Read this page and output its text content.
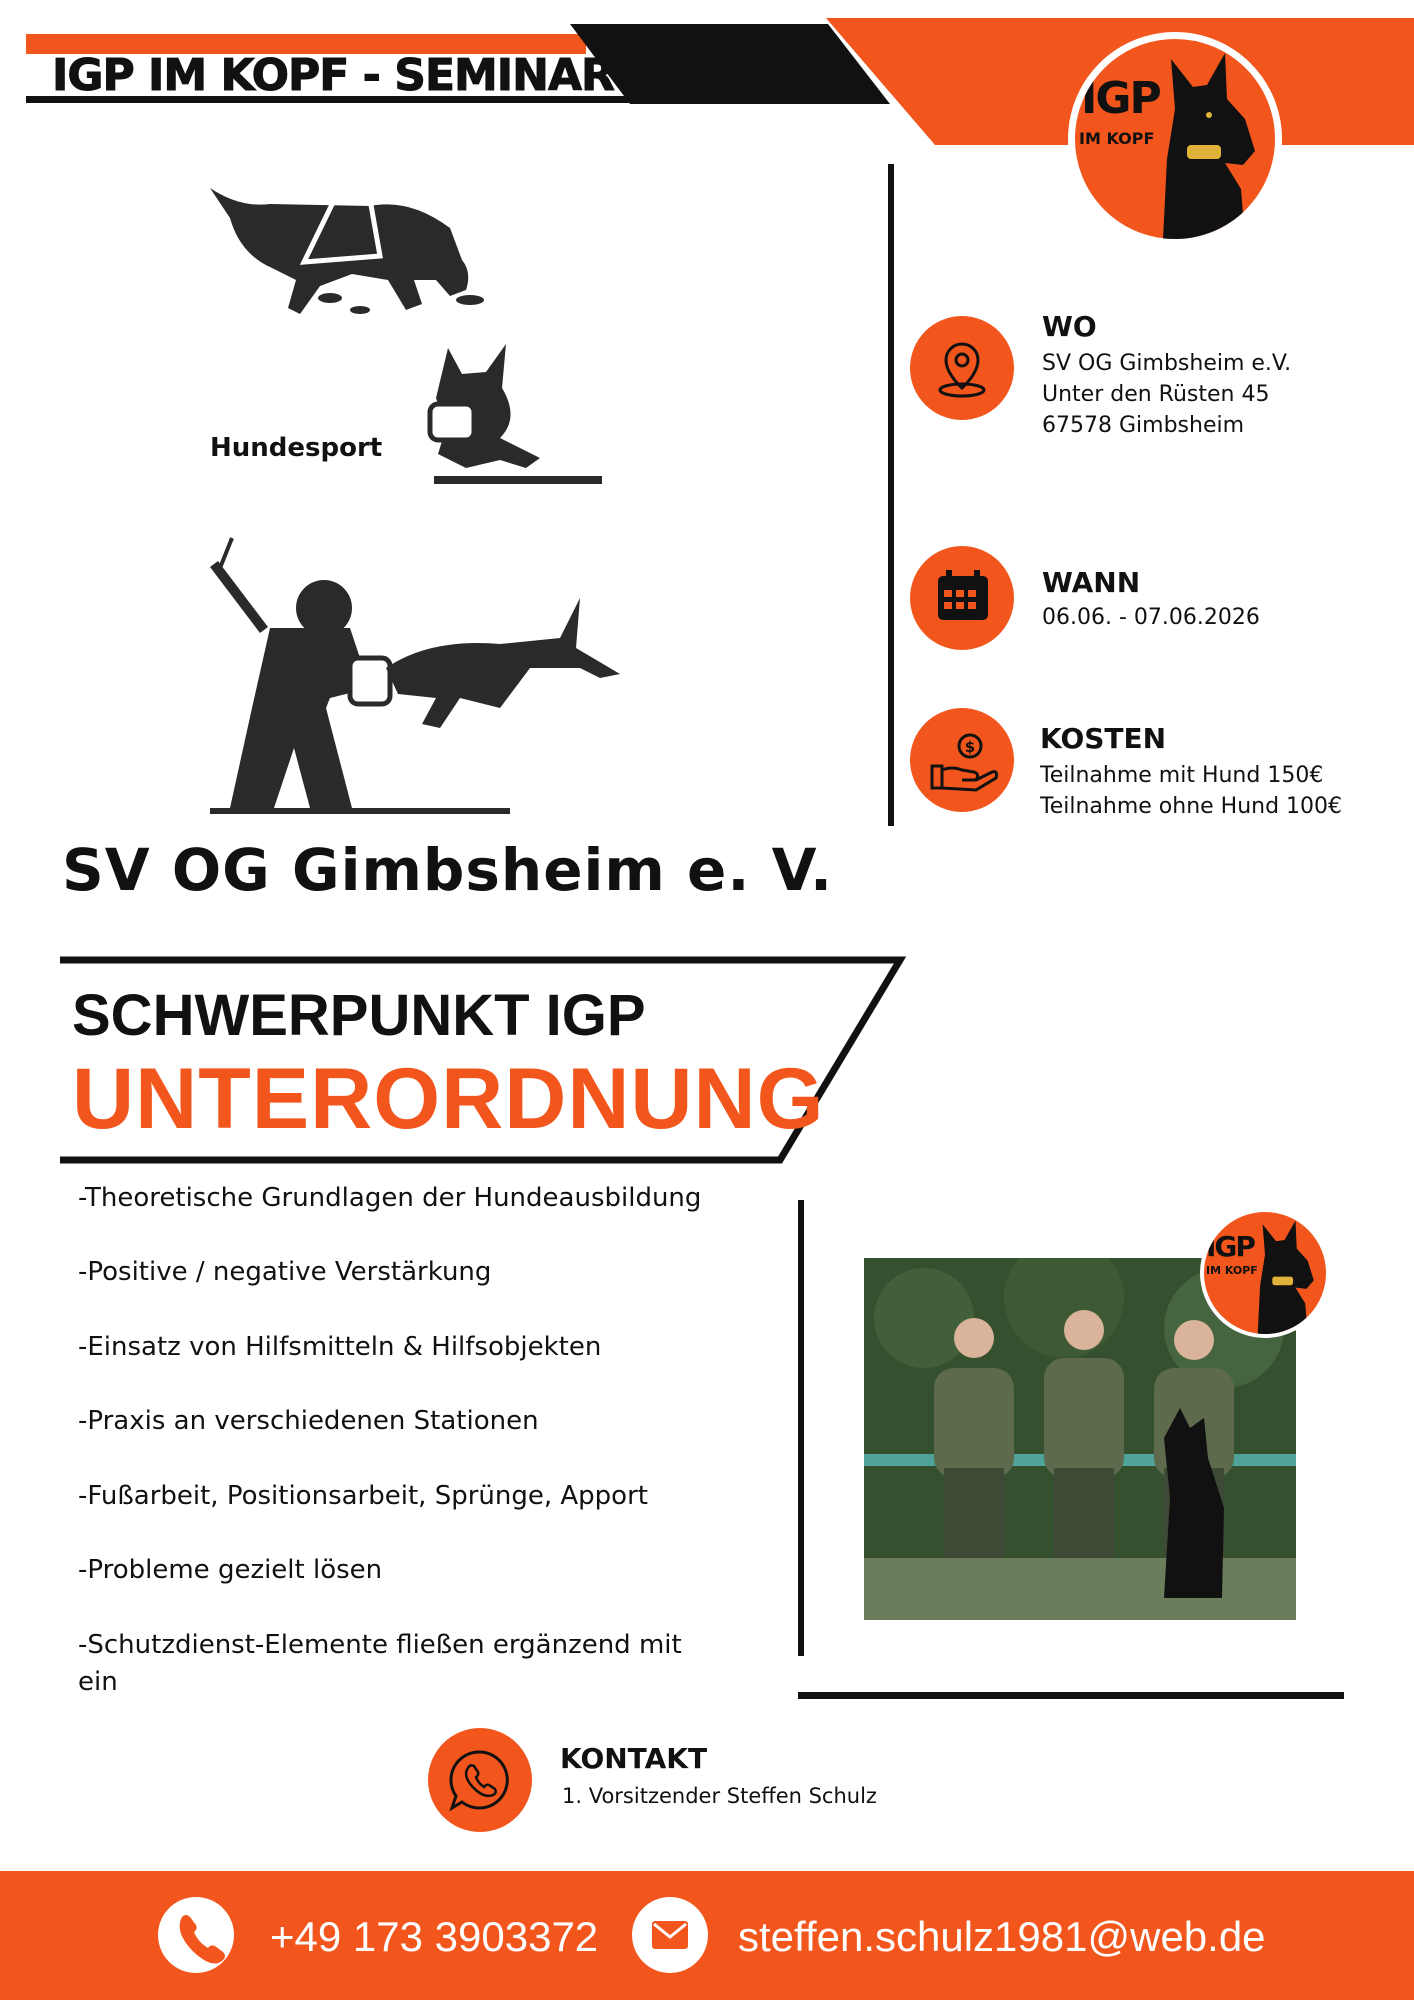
IGP IM KOPF - SEMINAR	IGP
IM KOPF
Hundesport
WO
SV OG Gimbsheim e.V.
Unter den Rüsten 45
67578 Gimbsheim
WANN
06.06. - 07.06.2026
$ KOSTEN
Teilnahme mit Hund 150€
Teilnahme ohne Hund 100€
SV OG Gimbsheim e. V.
SCHWERPUNKT IGP
UNTERORDNUNG
-Theoretische Grundlagen der Hundeausbildung
-Positive / negative Verstärkung
-Einsatz von Hilfsmitteln & Hilfsobjekten
-Praxis an verschiedenen Stationen
-Fußarbeit, Positionsarbeit, Sprünge, Apport
-Probleme gezielt lösen
-Schutzdienst-Elemente fließen ergänzend mit ein
IGP
IM KOPF
KONTAKT
1. Vorsitzender Steffen Schulz
+49 173 3903372	steffen.schulz1981@web.de
